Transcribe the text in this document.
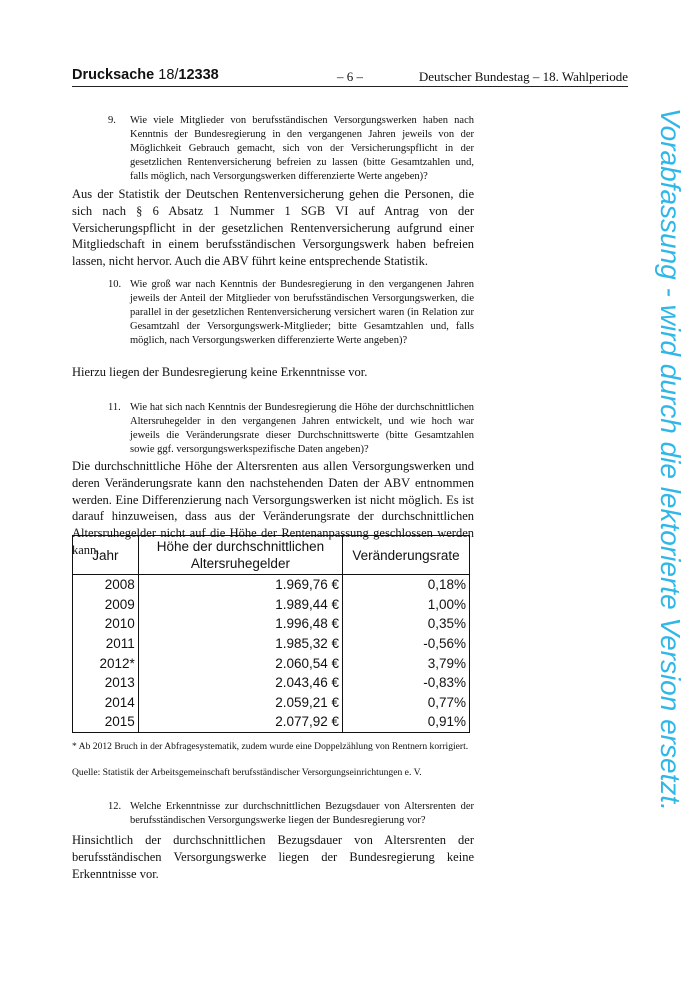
Drucksache 18/12338	– 6 –	Deutscher Bundestag – 18. Wahlperiode
9. Wie viele Mitglieder von berufsständischen Versorgungswerken haben nach Kenntnis der Bundesregierung in den vergangenen Jahren jeweils von der Möglichkeit Gebrauch gemacht, sich von der Versicherungspflicht in der gesetzlichen Rentenversicherung befreien zu lassen (bitte Gesamtzahlen und, falls möglich, nach Versorgungswerken differenzierte Werte angeben)?
Aus der Statistik der Deutschen Rentenversicherung gehen die Personen, die sich nach § 6 Absatz 1 Nummer 1 SGB VI auf Antrag von der Versicherungspflicht in der gesetzlichen Rentenversicherung aufgrund einer Mitgliedschaft in einem berufsständischen Versorgungswerk haben befreien lassen, nicht hervor. Auch die ABV führt keine entsprechende Statistik.
10. Wie groß war nach Kenntnis der Bundesregierung in den vergangenen Jahren jeweils der Anteil der Mitglieder von berufsständischen Versorgungswerken, die parallel in der gesetzlichen Rentenversicherung versichert waren (in Relation zur Gesamtzahl der Versorgungswerk-Mitglieder; bitte Gesamtzahlen und, falls möglich, nach Versorgungswerken differenzierte Werte angeben)?
Hierzu liegen der Bundesregierung keine Erkenntnisse vor.
11. Wie hat sich nach Kenntnis der Bundesregierung die Höhe der durchschnittlichen Altersruhegelder in den vergangenen Jahren entwickelt, und wie hoch war jeweils die Veränderungsrate dieser Durchschnittswerte (bitte Gesamtzahlen sowie ggf. versorgungswerkspezifische Daten angeben)?
Die durchschnittliche Höhe der Altersrenten aus allen Versorgungswerken und deren Veränderungsrate kann den nachstehenden Daten der ABV entnommen werden. Eine Differenzierung nach Versorgungswerken ist nicht möglich. Es ist darauf hinzuweisen, dass aus der Veränderungsrate der durchschnittlichen Altersruhegelder nicht auf die Höhe der Rentenanpassung geschlossen werden kann.
Jahr	Höhe der durchschnittlichen Altersruhegelder	Veränderungsrate
2008	1.969,76 €	0,18%
2009	1.989,44 €	1,00%
2010	1.996,48 €	0,35%
2011	1.985,32 €	-0,56%
2012*	2.060,54 €	3,79%
2013	2.043,46 €	-0,83%
2014	2.059,21 €	0,77%
2015	2.077,92 €	0,91%
* Ab 2012 Bruch in der Abfragesystematik, zudem wurde eine Doppelzählung von Rentnern korrigiert.
Quelle: Statistik der Arbeitsgemeinschaft berufsständischer Versorgungseinrichtungen e. V.
12. Welche Erkenntnisse zur durchschnittlichen Bezugsdauer von Altersrenten der berufsständischen Versorgungswerke liegen der Bundesregierung vor?
Hinsichtlich der durchschnittlichen Bezugsdauer von Altersrenten der berufsständischen Versorgungswerke liegen der Bundesregierung keine Erkenntnisse vor.
Vorabfassung - wird durch die lektorierte Version ersetzt.
